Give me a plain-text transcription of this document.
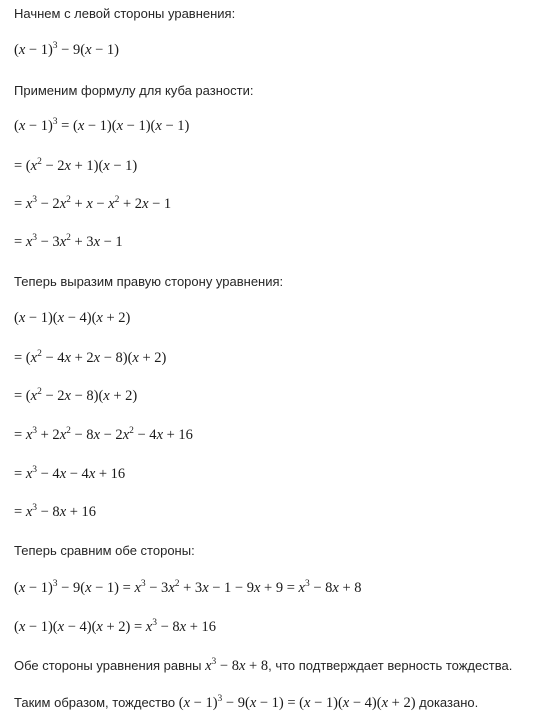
Начнем с левой стороны уравнения:
$(x - 1)^3 - 9(x - 1)$
Применим формулу для куба разности:
$(x - 1)^3 = (x - 1)(x - 1)(x - 1)$
= $(x^2 - 2x + 1)(x - 1)$
= $x^3 - 2x^2 + x - x^2 + 2x - 1$
= $x^3 - 3x^2 + 3x - 1$
Теперь выразим правую сторону уравнения:
(x − 1)(x − 4)(x + 2)
= $(x^2 - 4x + 2x - 8)(x + 2)$
= $(x^2 - 2x - 8)(x + 2)$
= $x^3 + 2x^2 - 8x - 2x^2 - 4x + 16$
= $x^3 - 4x - 4x + 16$
= $x^3 - 8x + 16$
Теперь сравним обе стороны:
$(x - 1)^3 - 9(x - 1) = x^3 - 3x^2 + 3x - 1 - 9x + 9 = x^3 - 8x + 8$
$(x - 1)(x - 4)(x + 2) = x^3 - 8x + 16$
Обе стороны уравнения равны $x^3 - 8x + 8$, что подтверждает верность тождества.
Таким образом, тождество $(x - 1)^3 - 9(x - 1) = (x - 1)(x - 4)(x + 2)$ доказано.
